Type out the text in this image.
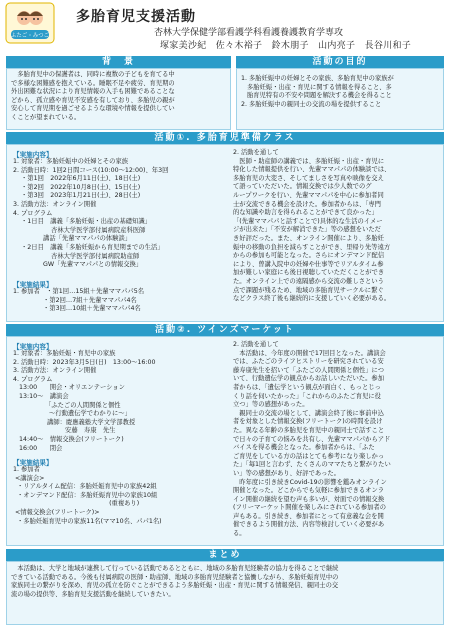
ふたご・みつご
多胎育児支援活動
杏林大学保健学部看護学科看護養護教育学専攻
塚家美沙紀　佐々木裕子　鈴木朋子　山内亮子　長谷川和子
背　景
　多胎育児中の保護者は、同時に複数の子どもを育てる中
で多様な困難感を抱えている。睡眠不足や疲労、育児期の
外出困難な状況により育児情報の入手も困難であることな
どから、孤立感や育児不安感を有しており、多胎児の親が
安心して育児期を過ごせるような環境や情報を提供してい
くことが望まれている。
活動の目的
1. 多胎妊娠中の妊婦とその家族、多胎育児中の家族が
多胎妊娠・出産・育児に関する情報を得ること、多
胎育児特有の不安や問題を解決する機会を得ること
2. 多胎妊娠中の親同士の交流の場を提供すること
活動①. 多胎育児準備クラス
【実施内容】
1. 対象者：多胎妊娠中の妊婦とその家族
2. 活動日時：1回2日間コース(10:00〜12:00)、年3回
・第1回　2022年6月11日(土)、18日(土)
・第2回　2022年10月8日(土)、15日(土)
・第3回　2023年1月21日(土)、28日(土)
3. 活動方法：オンライン開催
4. プログラム
・1日目　講義「多胎妊娠・出産の基礎知識」
杏林大学医学部付属病院産科医師
講話「先輩ママパパの体験談」
・2日目　講義「多胎妊娠から育児期までの生活」
杏林大学医学部付属病院助産師
GW「先輩ママパパとの情報交換」
【実施結果】
1. 参加者　・第1回…15組＋先輩ママパパ5名
・第2回…7組＋先輩ママパパ4名
・第3回…10組＋先輩ママパパ4名
2. 活動を通して
　医師・助産師の講義では、多胎妊娠・出産・育児に
特化した情報提供を行い、先輩ママパパの体験談では、
多胎育児の大変さ、そしてましさを写真や映像を交え
て語っていただいた。情報交換では少人数でのグ
ループワークを行い、先輩ママパパを中心に参加者同
士が交流できる機会を設けた。参加者からは、「専門
的な知識や助言を得られることができて良かった」
「(先輩ママパパと話すことで)具体的な生活のイメー
ジが出来た」「不安が解消できた」等の感想をいただ
き好評だった。また、オンライン開催により、多胎妊
娠中の移動の負担を減らすことができ、里帰り先等遠方
からの参加も可能となった。さらにオンデマンド配信
により、曽講入院中の妊婦や仕事等でリアルタイム参
加が難しい家庭にも後日視聴していただくことができ
た。オンライン上での遠隔感から交流の難しさという
点で課題が残るため、地域の多胎育児サークルに繋ぐ
などクラス終了後も継続的に支援していく必要がある。
活動②. ツインズマーケット
【実施内容】
1. 対象者：多胎妊娠・育児中の家族
2. 活動日時：2023年3月5日(日)　13:00〜16:00
3. 活動方法：オンライン開催
4. プログラム
13:00　　開会・オリエンテーション
13:10〜　講演会
「ふたごの人間関係と個性
〜行動遺伝学でわかりに〜」
講師：慶應義塾大学文学部教授
安藤　寿康　先生
14:40〜　情報交換会(フリートーク)
16:00　　閉会
【実施結果】
1. 参加者
<講演会>
・リアルタイム配信：多胎妊娠育児中の家族42組
・オンデマンド配信：多胎妊娠育児中の家族10組
(重複あり)
<情報交換会(フリートーク)>
・多胎妊娠育児中の家族11名(ママ10名、パパ1名)
2. 活動を通して
　本活動は、今年度の開催で17回目となった。講演会
では、ふたごのライフヒストリーを研究されている安
藤寿康先生を招いて「ふたごの人間関係と個性」につ
いて、行動遺伝学の観点からお話しいただいた。参加
者からは、「遺伝学という観点が面白く、もっとじっ
くり話を伺いたかった」「これからのふたご育児に役
立つ」等の感想があった。
　親同士の交流の場として、講演会終了後に事前申込
者を対象とした情報交換(フリートーク)の時間を設け
た。異なる年齢の多胎児を育児中の親同士で話すこと
で日々の子育ての悩みを共有し、先輩ママパパからアド
バイスを得る機会となった。参加者からは、「ふた
ご育児をしている方の話はとても参考になり楽しかっ
た」「毎1回と言わず、たくさんのママたちと繋がりたい
い」等の感想があり、好評であった。
　昨年度に引き続きCovid-19の影響を鑑みオンライン
開催となった。どこからでも気軽に参加できるオンラ
イン開催の継続を望む声も多いが、対面での情報交換
(フリーマーケット開催を楽しみにされている参加者の
声もある。引き続き、参加者にとって有意義な会を開
催できるよう開催方法、内容等検討していく必要があ
る。
まとめ
　本活動は、大学と地域が連携して行っている活動であるとともに、地域の多胎育児経験者の協力を得ることで継続
できている活動である。今後も付属病院の医師・助産師、地域の多胎育児経験者と協働しながら、多胎妊娠育児中の
家族同士の繋がりを深め、育児の孤立を防ぐことができるよう多胎妊娠・出産・育児に関する情報発信、親同士の交
流の場の提供等、多胎育児支援活動を継続していきたい。
